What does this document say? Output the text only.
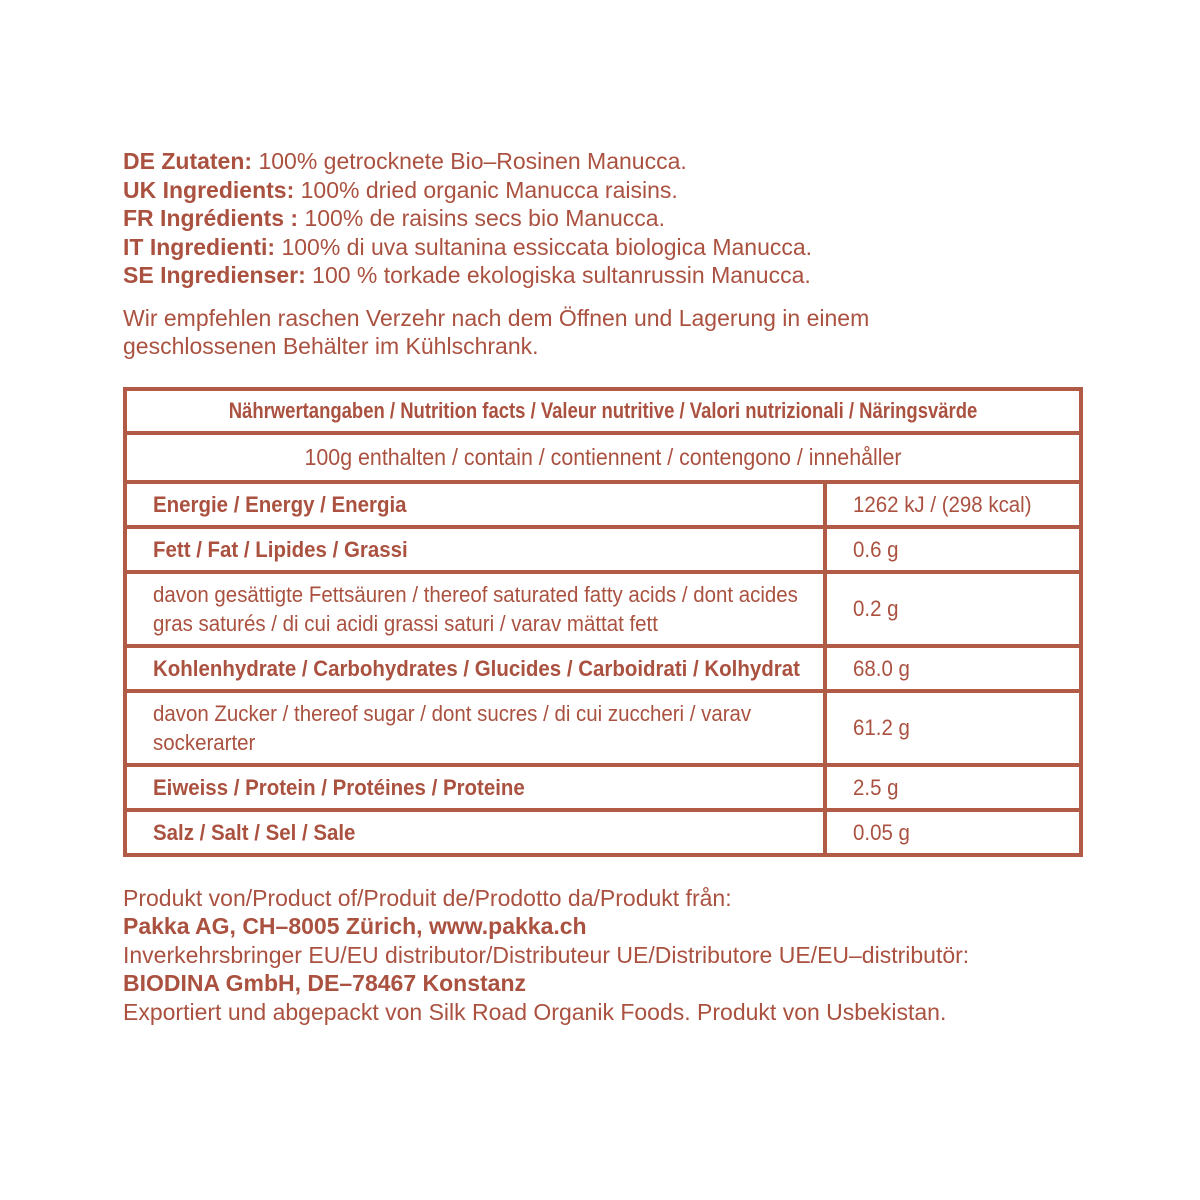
DE Zutaten: 100% getrocknete Bio–Rosinen Manucca.
UK Ingredients: 100% dried organic Manucca raisins.
FR Ingrédients : 100% de raisins secs bio Manucca.
IT Ingredienti: 100% di uva sultanina essiccata biologica Manucca.
SE Ingredienser: 100 % torkade ekologiska sultanrussin Manucca.

Wir empfehlen raschen Verzehr nach dem Öffnen und Lagerung in einem geschlossenen Behälter im Kühlschrank.

Nährwertangaben / Nutrition facts / Valeur nutritive / Valori nutrizionali / Näringsvärde	

100g enthalten / contain / contiennent / contengono / innehåller	

Energie / Energy / Energia	1262 kJ / (298 kcal)

Fett / Fat / Lipides / Grassi	0.6 g

davon gesättigte Fettsäuren / thereof saturated fatty acids / dont acides gras saturés / di cui acidi grassi saturi / varav mättat fett	0.2 g

Kohlenhydrate / Carbohydrates / Glucides / Carboidrati / Kolhydrat	68.0 g

davon Zucker / thereof sugar / dont sucres / di cui zuccheri / varav sockerarter	61.2 g

Eiweiss / Protein / Protéines / Proteine	2.5 g

Salz / Salt / Sel / Sale	0.05 g
Produkt von/Product of/Produit de/Prodotto da/Produkt från:
Pakka AG, CH–8005 Zürich, www.pakka.ch
Inverkehrsbringer EU/EU distributor/Distributeur UE/Distributore UE/EU–distributör:
BIODINA GmbH, DE–78467 Konstanz
Exportiert und abgepackt von Silk Road Organik Foods. Produkt von Usbekistan.
